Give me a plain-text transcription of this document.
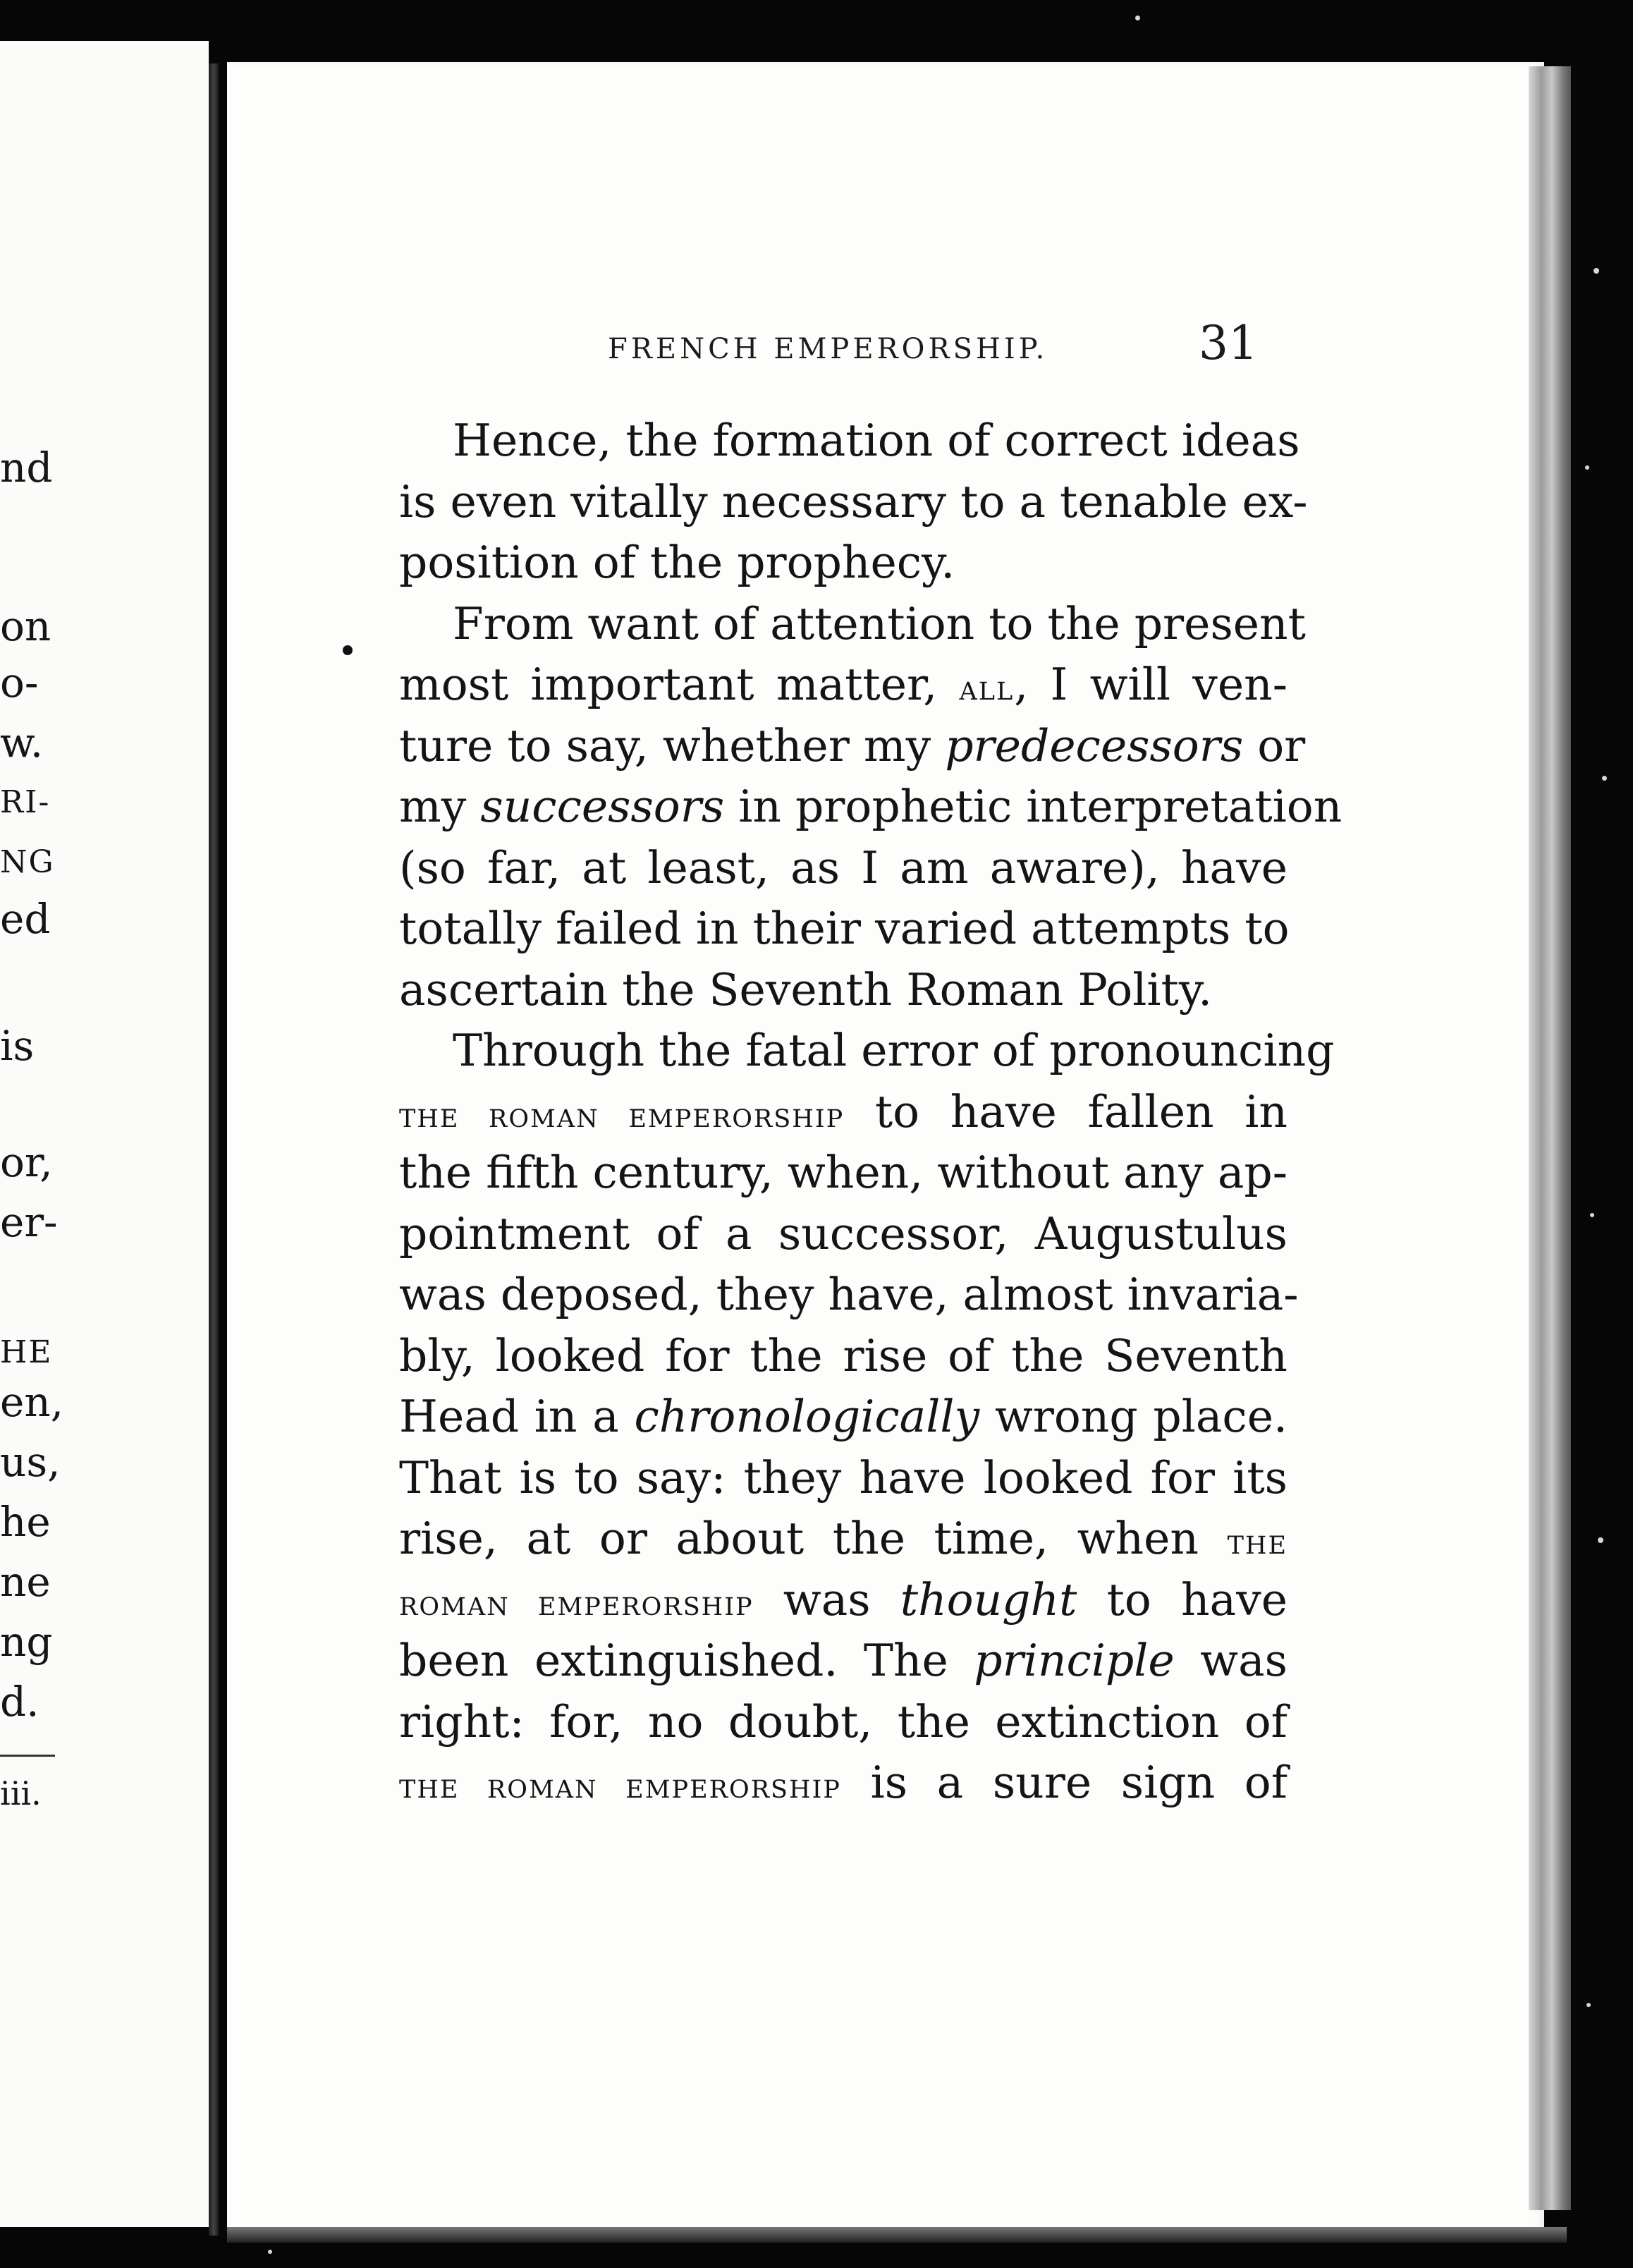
nd
on
o-
w.
RI-
NG
ed
is
or,
er-
HE
en,
us,
he
ne
ng
d.
iii.
FRENCH EMPERORSHIP.	31

Hence, the formation of correct ideas
is even vitally necessary to a tenable ex-
position of the prophecy.

From want of attention to the present
most important matter, all, I will ven-
ture to say, whether my predecessors or
my successors in prophetic interpretation
(so far, at least, as I am aware), have
totally failed in their varied attempts to
ascertain the Seventh Roman Polity.

Through the fatal error of pronouncing
the roman emperorship to have fallen in
the fifth century, when, without any ap-
pointment of a successor, Augustulus
was deposed, they have, almost invaria-
bly, looked for the rise of the Seventh
Head in a chronologically wrong place.
That is to say: they have looked for its
rise, at or about the time, when the
roman emperorship was thought to have
been extinguished. The principle was
right: for, no doubt, the extinction of
the roman emperorship is a sure sign of
